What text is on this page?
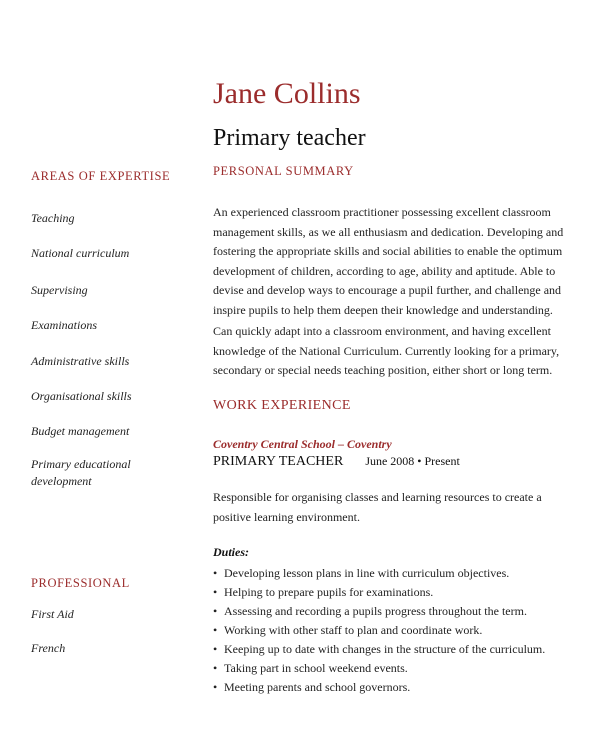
Jane Collins
Primary teacher
AREAS OF EXPERTISE
Teaching
National curriculum
Supervising
Examinations
Administrative skills
Organisational skills
Budget management
Primary educational development
PROFESSIONAL
First Aid
French
PERSONAL SUMMARY
An experienced classroom practitioner possessing excellent classroom management skills, as we all enthusiasm and dedication. Developing and fostering the appropriate skills and social abilities to enable the optimum development of children, according to age, ability and aptitude. Able to devise and develop ways to encourage a pupil further, and challenge and inspire pupils to help them deepen their knowledge and understanding.
Can quickly adapt into a classroom environment, and having excellent knowledge of the National Curriculum. Currently looking for a primary, secondary or special needs teaching position, either short or long term.
WORK EXPERIENCE
Coventry Central School – Coventry
PRIMARY TEACHER June 2008 • Present
Responsible for organising classes and learning resources to create a positive learning environment.
Duties:
• Developing lesson plans in line with curriculum objectives.
• Helping to prepare pupils for examinations.
• Assessing and recording a pupils progress throughout the term.
• Working with other staff to plan and coordinate work.
• Keeping up to date with changes in the structure of the curriculum.
• Taking part in school weekend events.
• Meeting parents and school governors.
